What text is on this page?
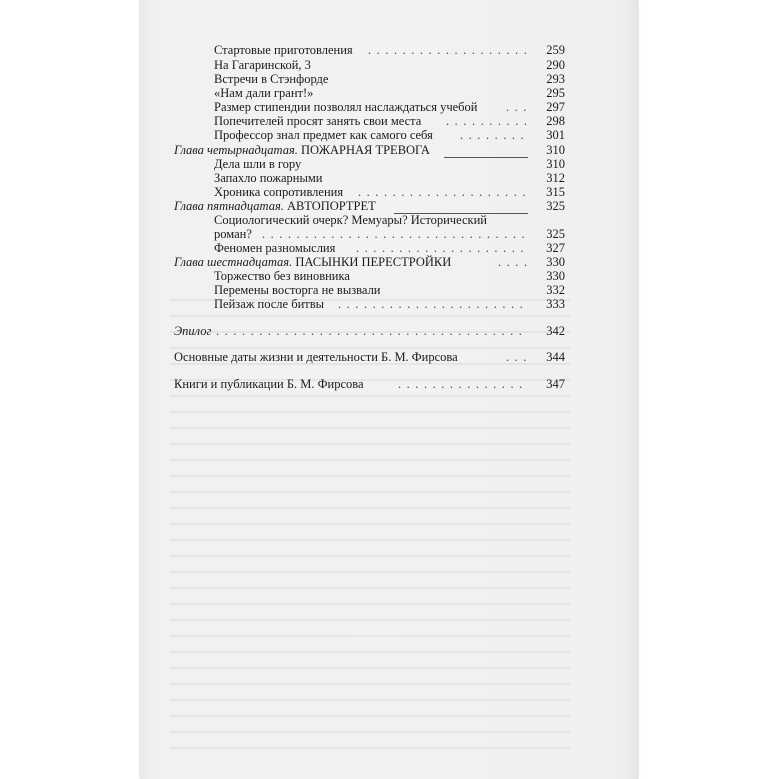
Стартовые приготовления . . .	259
На Гагаринской, 3	290
Встречи в Стэнфорде	293
«Нам дали грант!»	295
Размер стипендии позволял наслаждаться учебой . . .	297
Попечителей просят занять свои места . . .	298
Профессор знал предмет как самого себя . . .	301
Глава четырнадцатая. ПОЖАРНАЯ ТРЕВОГА	310
Дела шли в гору	310
Запахло пожарными	312
Хроника сопротивления . . .	315
Глава пятнадцатая. АВТОПОРТРЕТ	325
Социологический очерк? Мемуары? Исторический
роман? . . .	325
Феномен разномыслия . . .	327
Глава шестнадцатая. ПАСЫНКИ ПЕРЕСТРОЙКИ . . .	330
Торжество без виновника	330
Перемены восторга не вызвали	332
Пейзаж после битвы . . .	333
Эпилог . . .	342
Основные даты жизни и деятельности Б. М. Фирсова . . .	344
Книги и публикации Б. М. Фирсова . . .	347
